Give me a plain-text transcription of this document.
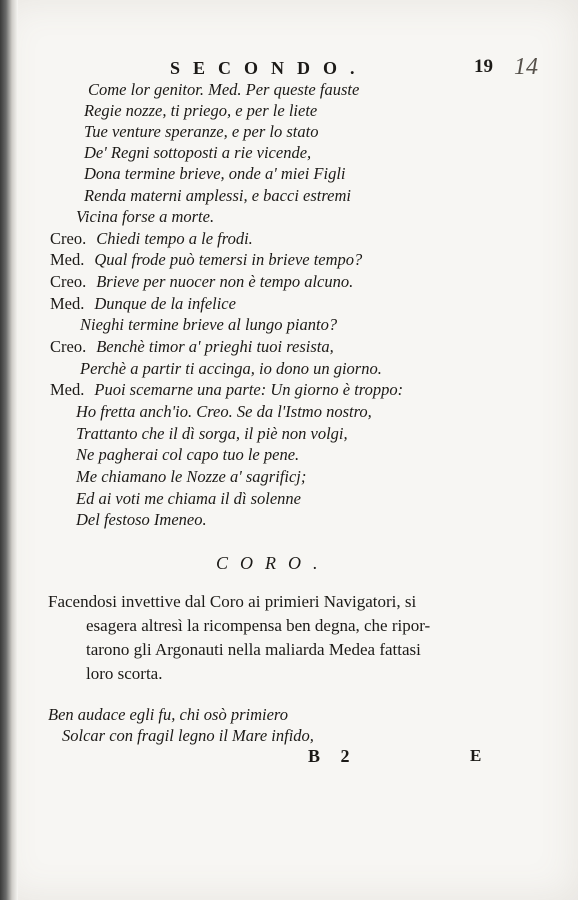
SECONDO.	19 14
Come lor genitor. Med. Per queste fauste
Regie nozze, ti priego, e per le liete
Tue venture speranze, e per lo stato
De' Regni sottoposti a rie vicende,
Dona termine brieve, onde a' miei Figli
Renda materni amplessi, e bacci estremi
Vicina forse a morte.
Creo. Chiedi tempo a le frodi.
Med. Qual frode può temersi in brieve tempo?
Creo. Brieve per nuocer non è tempo alcuno.
Med. Dunque de la infelice
Nieghi termine brieve al lungo pianto?
Creo. Benchè timor a' prieghi tuoi resista,
Perchè a partir ti accinga, io dono un giorno.
Med. Puoi scemarne una parte: Un giorno è troppo:
Ho fretta anch'io. Creo. Se da l'Istmo nostro,
Trattanto che il dì sorga, il piè non volgi,
Ne pagherai col capo tuo le pene.
Me chiamano le Nozze a' sagrificj;
Ed ai voti me chiama il dì solenne
Del festoso Imeneo.
CORO.
Facendosi invettive dal Coro ai primieri Navigatori, si
esagera altresì la ricompensa ben degna, che ripor-
tarono gli Argonauti nella maliarda Medea fattasi
loro scorta.
Ben audace egli fu, chi osò primiero
Solcar con fragil legno il Mare infido,
B 2	E
